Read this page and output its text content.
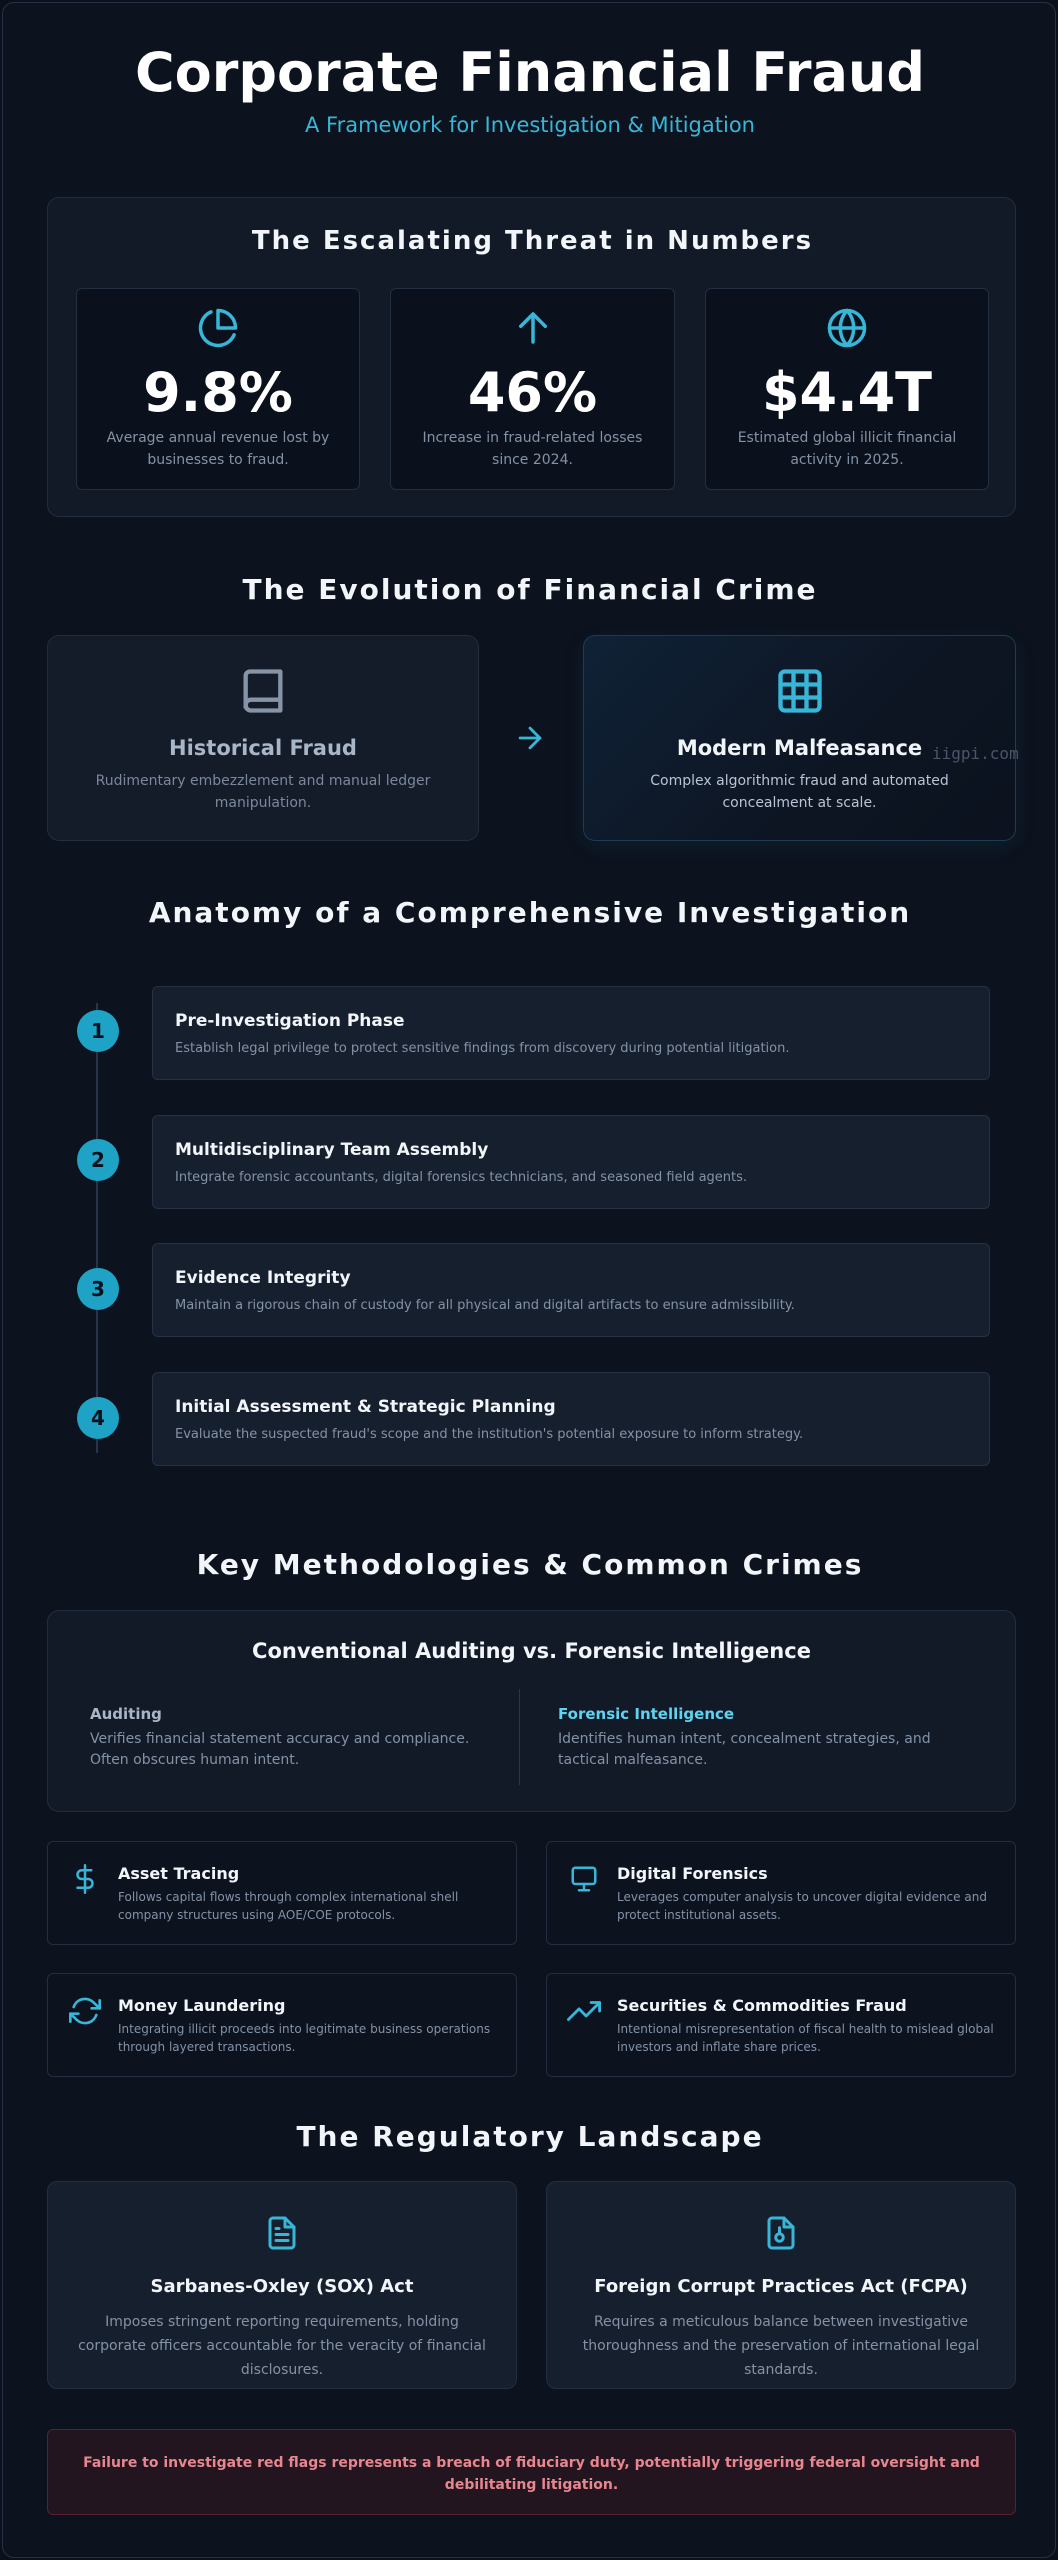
Corporate Financial Fraud
A Framework for Investigation & Mitigation
The Escalating Threat in Numbers
9.8%
Average annual revenue lost by businesses to fraud.
46%
Increase in fraud-related losses since 2024.
$4.4T
Estimated global illicit financial activity in 2025.
The Evolution of Financial Crime
Historical Fraud
Rudimentary embezzlement and manual ledger manipulation.
Modern Malfeasance
Complex algorithmic fraud and automated concealment at scale.
iigpi.com
Anatomy of a Comprehensive Investigation
1	Pre-Investigation Phase
Establish legal privilege to protect sensitive findings from discovery during potential litigation.
2	Multidisciplinary Team Assembly
Integrate forensic accountants, digital forensics technicians, and seasoned field agents.
3	Evidence Integrity
Maintain a rigorous chain of custody for all physical and digital artifacts to ensure admissibility.
4	Initial Assessment & Strategic Planning
Evaluate the suspected fraud's scope and the institution's potential exposure to inform strategy.
Key Methodologies & Common Crimes
Conventional Auditing vs. Forensic Intelligence
Auditing
Verifies financial statement accuracy and compliance. Often obscures human intent.
Forensic Intelligence
Identifies human intent, concealment strategies, and tactical malfeasance.
Asset Tracing
Follows capital flows through complex international shell company structures using AOE/COE protocols.
Digital Forensics
Leverages computer analysis to uncover digital evidence and protect institutional assets.
Money Laundering
Integrating illicit proceeds into legitimate business operations through layered transactions.
Securities & Commodities Fraud
Intentional misrepresentation of fiscal health to mislead global investors and inflate share prices.
The Regulatory Landscape
Sarbanes-Oxley (SOX) Act
Imposes stringent reporting requirements, holding corporate officers accountable for the veracity of financial disclosures.
Foreign Corrupt Practices Act (FCPA)
Requires a meticulous balance between investigative thoroughness and the preservation of international legal standards.
Failure to investigate red flags represents a breach of fiduciary duty, potentially triggering federal oversight and debilitating litigation.
